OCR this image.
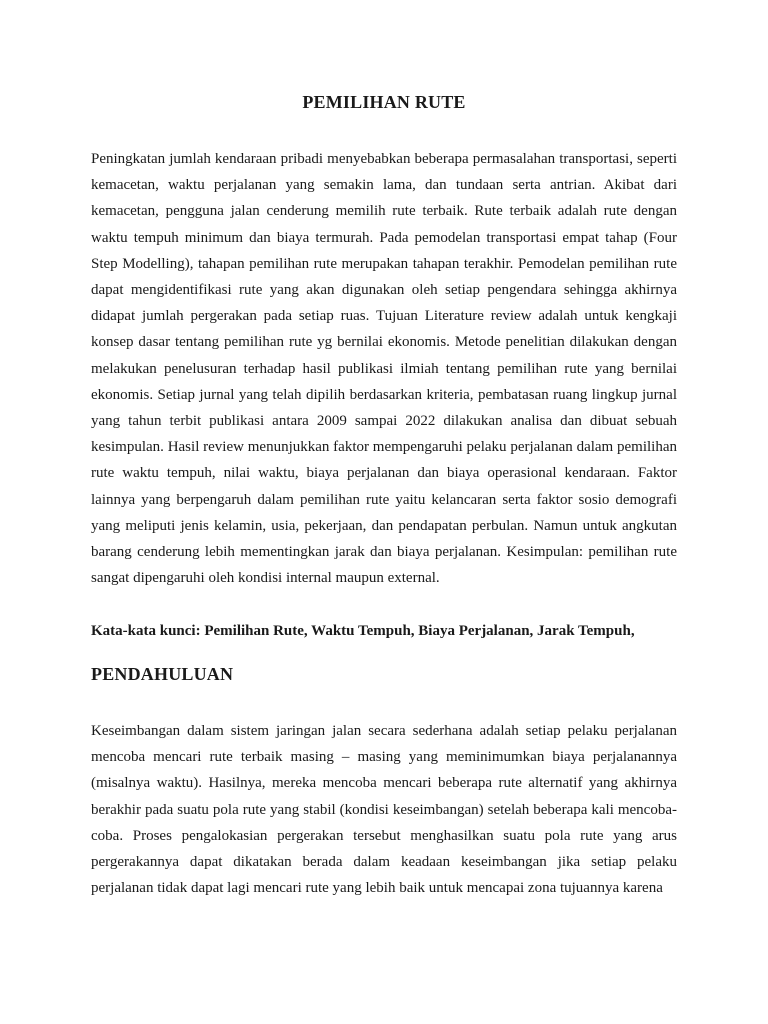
PEMILIHAN RUTE

Peningkatan jumlah kendaraan pribadi menyebabkan beberapa permasalahan transportasi, seperti kemacetan, waktu perjalanan yang semakin lama, dan tundaan serta antrian. Akibat dari kemacetan, pengguna jalan cenderung memilih rute terbaik. Rute terbaik adalah rute dengan waktu tempuh minimum dan biaya termurah. Pada pemodelan transportasi empat tahap (Four Step Modelling), tahapan pemilihan rute merupakan tahapan terakhir. Pemodelan pemilihan rute dapat mengidentifikasi rute yang akan digunakan oleh setiap pengendara sehingga akhirnya didapat jumlah pergerakan pada setiap ruas. Tujuan Literature review adalah untuk kengkaji konsep dasar tentang pemilihan rute yg bernilai ekonomis. Metode penelitian dilakukan dengan melakukan penelusuran terhadap hasil publikasi ilmiah tentang pemilihan rute yang bernilai ekonomis. Setiap jurnal yang telah dipilih berdasarkan kriteria, pembatasan ruang lingkup jurnal yang tahun terbit publikasi antara 2009 sampai 2022 dilakukan analisa dan dibuat sebuah kesimpulan. Hasil review menunjukkan faktor mempengaruhi pelaku perjalanan dalam pemilihan rute waktu tempuh, nilai waktu, biaya perjalanan dan biaya operasional kendaraan. Faktor lainnya yang berpengaruh dalam pemilihan rute yaitu kelancaran serta faktor sosio demografi yang meliputi jenis kelamin, usia, pekerjaan, dan pendapatan perbulan. Namun untuk angkutan barang cenderung lebih mementingkan jarak dan biaya perjalanan. Kesimpulan: pemilihan rute sangat dipengaruhi oleh kondisi internal maupun external.

Kata-kata kunci: Pemilihan Rute, Waktu Tempuh, Biaya Perjalanan, Jarak Tempuh,

PENDAHULUAN

Keseimbangan dalam sistem jaringan jalan secara sederhana adalah setiap pelaku perjalanan mencoba mencari rute terbaik masing – masing yang meminimumkan biaya perjalanannya (misalnya waktu). Hasilnya, mereka mencoba mencari beberapa rute alternatif yang akhirnya berakhir pada suatu pola rute yang stabil (kondisi keseimbangan) setelah beberapa kali mencoba-coba. Proses pengalokasian pergerakan tersebut menghasilkan suatu pola rute yang arus pergerakannya dapat dikatakan berada dalam keadaan keseimbangan jika setiap pelaku perjalanan tidak dapat lagi mencari rute yang lebih baik untuk mencapai zona tujuannya karena
